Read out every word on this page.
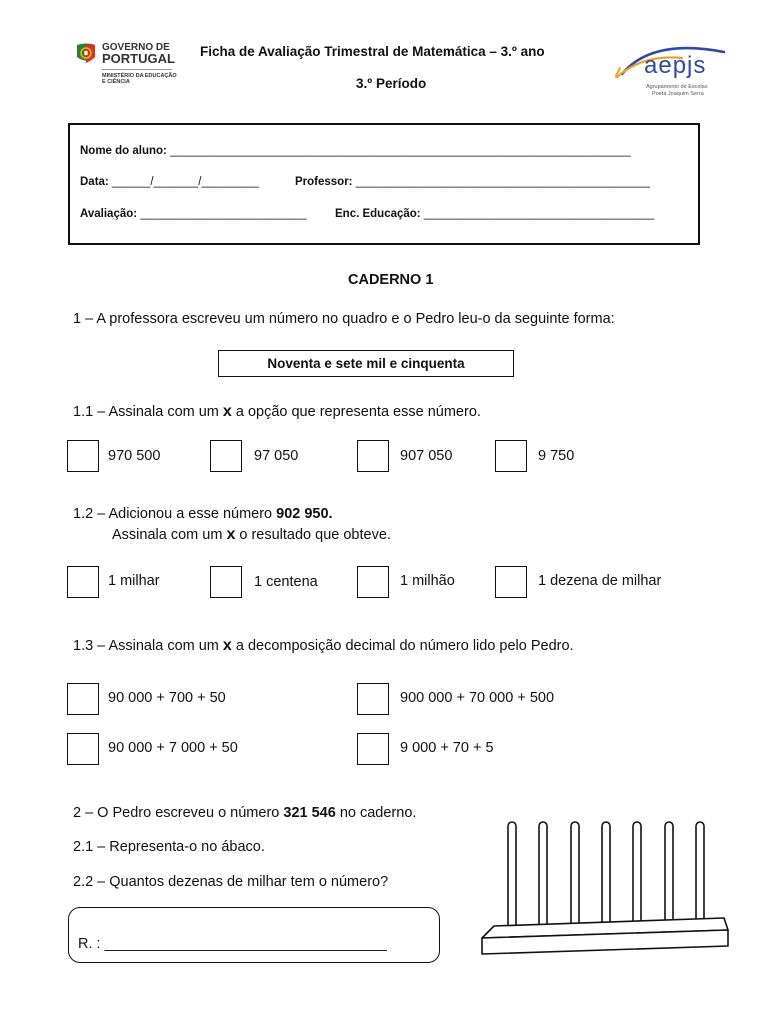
GOVERNO DE
PORTUGAL
MINISTÉRIO DA EDUCAÇÃO
E CIÊNCIA
Ficha de Avaliação Trimestral de Matemática – 3.º ano
3.º Período
aepjs
Agrupamento de Escolas
Poeta Joaquim Serra
Nome do aluno: ________________________________________________________________________
Data: ______/_______/_________	Professor: ______________________________________________
Avaliação: __________________________ Enc. Educação: ____________________________________
CADERNO 1
1 – A professora escreveu um número no quadro e o Pedro leu-o da seguinte forma:
Noventa e sete mil e cinquenta
1.1 – Assinala com um x a opção que representa esse número.
970 500	97 050	907 050	9 750
1.2 – Adicionou a esse número 902 950.
Assinala com um x o resultado que obteve.
1 milhar	1 centena	1 milhão	1 dezena de milhar
1.3 – Assinala com um x a decomposição decimal do número lido pelo Pedro.
90 000 + 700 + 50	900 000 + 70 000 + 500
90 000 + 7 000 + 50	9 000 + 70 + 5
2 – O Pedro escreveu o número 321 546 no caderno.
2.1 – Representa-o no ábaco.
2.2 – Quantos dezenas de milhar tem o número?
R. : ___________________________________
